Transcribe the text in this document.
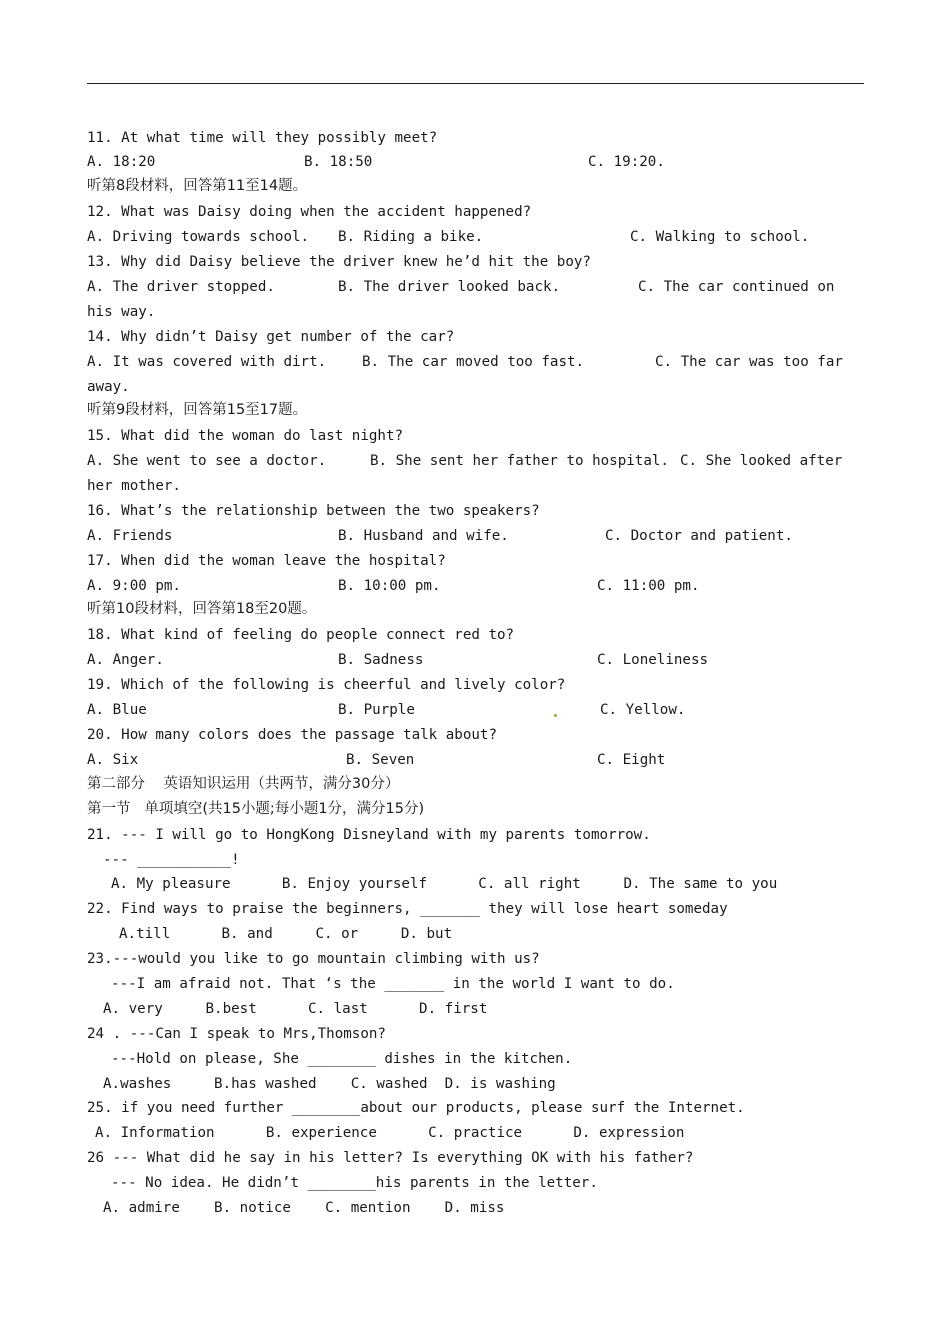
11. At what time will they possibly meet?
A. 18:20	B. 18:50	C. 19:20.
听第8段材料，回答第11至14题。
12. What was Daisy doing when the accident happened?
A. Driving towards school. B. Riding a bike.	C. Walking to school.
13. Why did Daisy believe the driver knew he’d hit the boy?
A. The driver stopped.	B. The driver looked back.	C. The car continued on
his way.
14. Why didn’t Daisy get number of the car?
A. It was covered with dirt.	B. The car moved too fast.	C. The car was too far
away.
听第9段材料，回答第15至17题。
15. What did the woman do last night?
A. She went to see a doctor.	B. She sent her father to hospital. C. She looked after
her mother.
16. What’s the relationship between the two speakers?
A. Friends	B. Husband and wife.	C. Doctor and patient.
17. When did the woman leave the hospital?
A. 9:00 pm.	B. 10:00 pm.	C. 11:00 pm.
听第10段材料，回答第18至20题。
18. What kind of feeling do people connect red to?
A. Anger.	B. Sadness	C. Loneliness
19. Which of the following is cheerful and lively color?
A. Blue	B. Purple	C. Yellow.
20. How many colors does the passage talk about?
A. Six	B. Seven	C. Eight
第二部分    英语知识运用（共两节，满分30分）
第一节   单项填空(共15小题;每小题1分，满分15分)
21. --- I will go to HongKong Disneyland with my parents tomorrow.
--- ___________!
A. My pleasure      B. Enjoy yourself      C. all right     D. The same to you
22. Find ways to praise the beginners, _______ they will lose heart someday
A.till      B. and     C. or     D. but
23.---would you like to go mountain climbing with us?
---I am afraid not. That ‘s the _______ in the world I want to do.
A. very     B.best      C. last      D. first
24 . ---Can I speak to Mrs,Thomson?
---Hold on please, She ________ dishes in the kitchen.
A.washes     B.has washed    C. washed  D. is washing
25. if you need further ________about our products, please surf the Internet.
A. Information      B. experience      C. practice      D. expression
26 --- What did he say in his letter? Is everything OK with his father?
--- No idea. He didn’t ________his parents in the letter.
A. admire    B. notice    C. mention    D. miss
